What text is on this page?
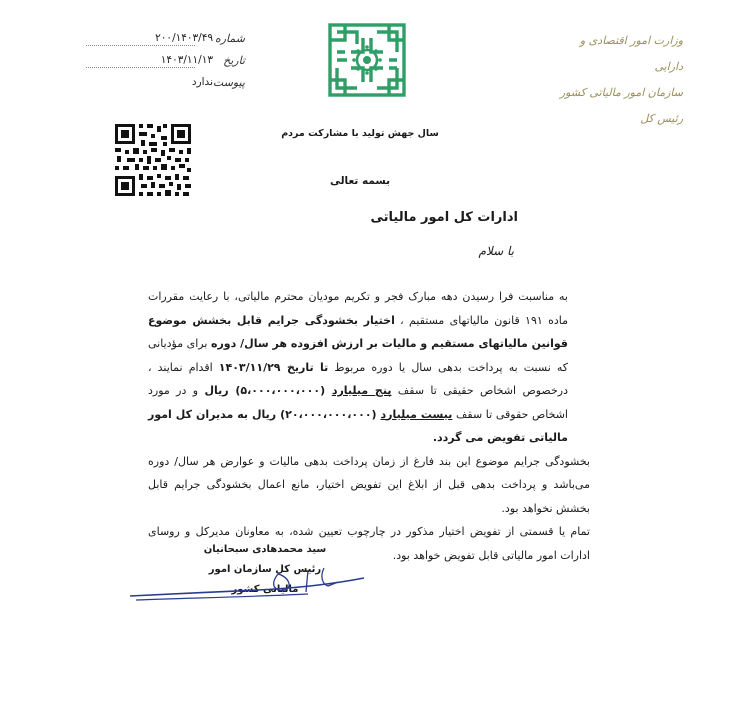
شماره
۲۰۰/۱۴۰۳/۴۹
تاریخ
۱۴۰۳/۱۱/۱۳
پیوست
ندارد
وزارت امور اقتصادی و دارایی
سازمان امور مالیاتی کشور
رئیس کل
سال جهش تولید با مشارکت مردم
بسمه تعالی
ادارات کل امور مالیاتی
با سلام

به مناسبت فرا رسیدن دهه مبارک فجر و تکریم مودیان محترم مالیاتی، با رعایت مقررات ماده ۱۹۱ قانون مالیاتهای مستقیم ، اختیار بخشودگی جرایم قابل بخشش موضوع قوانین مالیاتهای مستقیم و مالیات بر ارزش افزوده هر سال/ دوره برای مؤدیانی که نسبت به پرداخت بدهی سال یا دوره مربوط تا تاریخ ۱۴۰۳/۱۱/۲۹ اقدام نمایند ، درخصوص اشخاص حقیقی تا سقف پنج میلیارد (۵،۰۰۰،۰۰۰،۰۰۰) ریال و در مورد اشخاص حقوقی تا سقف بیست میلیارد (۲۰،۰۰۰،۰۰۰،۰۰۰) ریال به مدیران کل امور مالیاتی تفویض می گردد.

بخشودگی جرایم موضوع این بند فارغ از زمان پرداخت بدهی مالیات و عوارض هر سال/ دوره می‌باشد و پرداخت بدهی قبل از ابلاغ این تفویض اختیار، مانع اعمال بخشودگی جرایم قابل بخشش نخواهد بود.

تمام یا قسمتی از تفویض اختیار مذکور در چارچوب تعیین شده، به معاونان مدیرکل و روسای ادارات امور مالیاتی قابل تفویض خواهد بود.

سید محمدهادی سبحانیان
رئیس کل سازمان امور مالیاتی کشور
